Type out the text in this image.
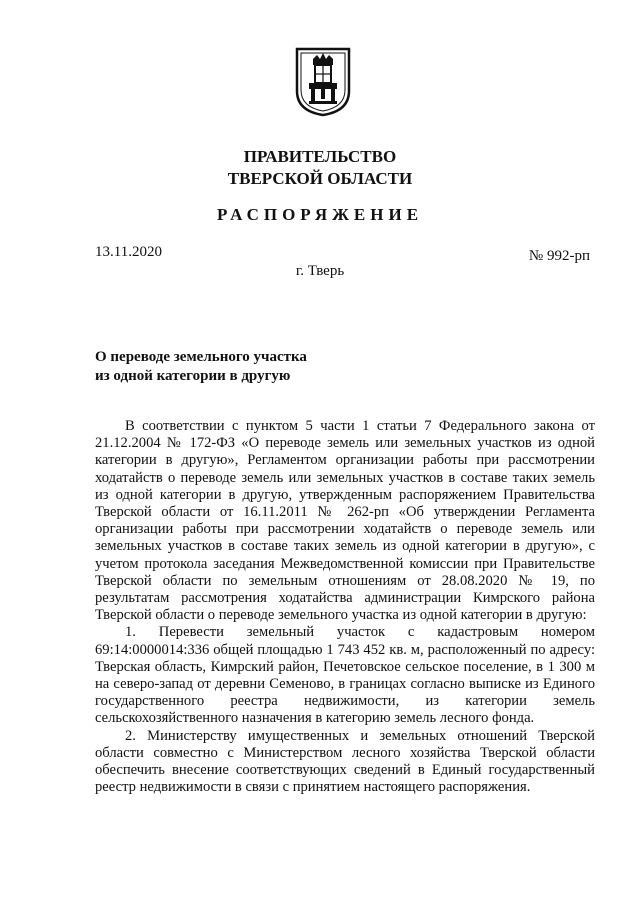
ПРАВИТЕЛЬСТВО
ТВЕРСКОЙ ОБЛАСТИ
РАСПОРЯЖЕНИЕ
13.11.2020	№ 992-рп
г. Тверь
О переводе земельного участка
из одной категории в другую

В соответствии с пунктом 5 части 1 статьи 7 Федерального закона от 21.12.2004 № 172-ФЗ «О переводе земель или земельных участков из одной категории в другую», Регламентом организации работы при рассмотрении ходатайств о переводе земель или земельных участков в составе таких земель из одной категории в другую, утвержденным распоряжением Правительства Тверской области от 16.11.2011 № 262-рп «Об утверждении Регламента организации работы при рассмотрении ходатайств о переводе земель или земельных участков в составе таких земель из одной категории в другую», с учетом протокола заседания Межведомственной комиссии при Правительстве Тверской области по земельным отношениям от 28.08.2020 № 19, по результатам рассмотрения ходатайства администрации Кимрского района Тверской области о переводе земельного участка из одной категории в другую:

1. Перевести земельный участок с кадастровым номером 69:14:0000014:336 общей площадью 1 743 452 кв. м, расположенный по адресу: Тверская область, Кимрский район, Печетовское сельское поселение, в 1 300 м на северо-запад от деревни Семеново, в границах согласно выписке из Единого государственного реестра недвижимости, из категории земель сельскохозяйственного назначения в категорию земель лесного фонда.

2. Министерству имущественных и земельных отношений Тверской области совместно с Министерством лесного хозяйства Тверской области обеспечить внесение соответствующих сведений в Единый государственный реестр недвижимости в связи с принятием настоящего распоряжения.
